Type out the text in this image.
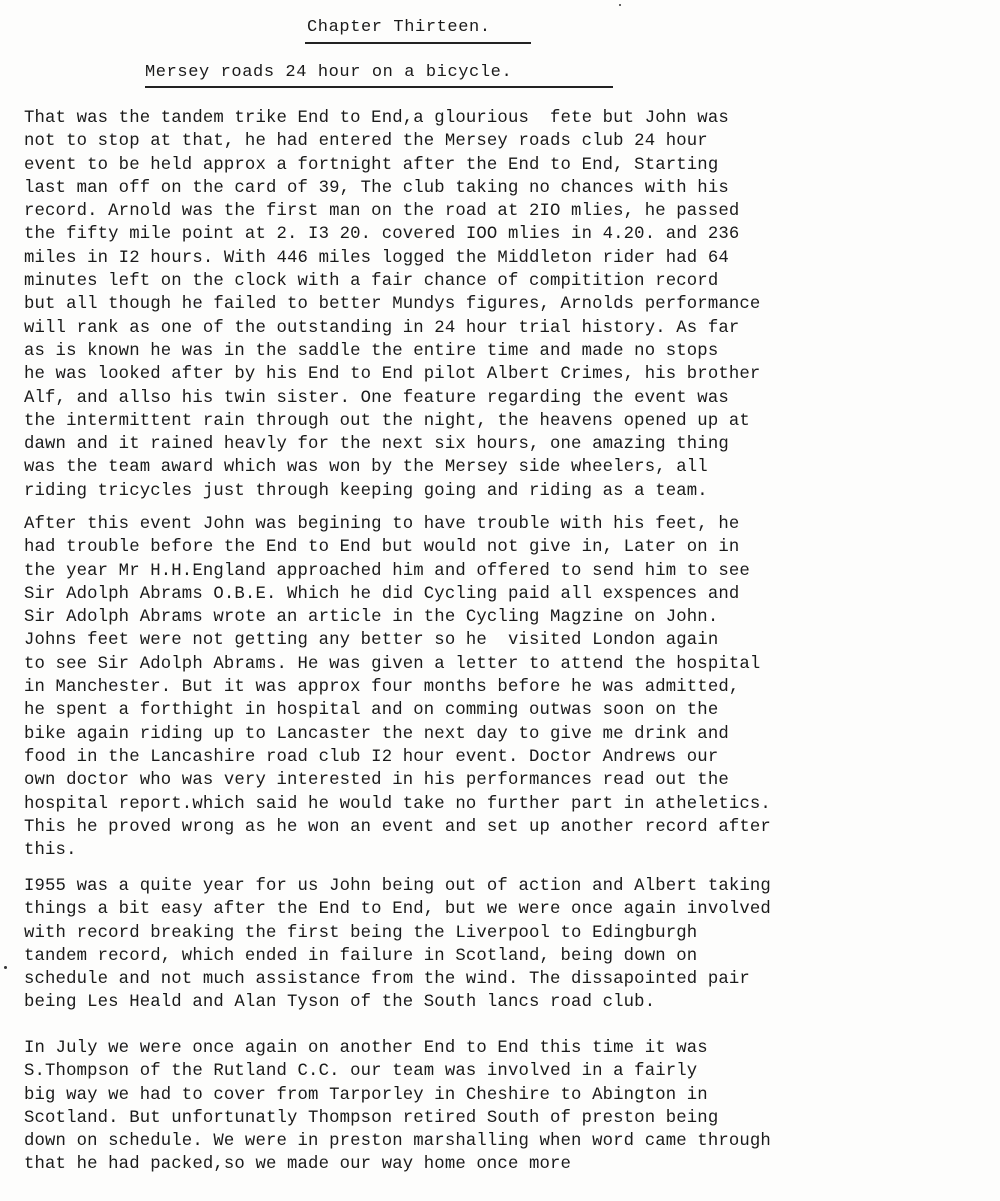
Chapter Thirteen.
Mersey roads 24 hour on a bicycle.
That was the tandem trike End to End,a glourious  fete but John was
not to stop at that, he had entered the Mersey roads club 24 hour
event to be held approx a fortnight after the End to End, Starting
last man off on the card of 39, The club taking no chances with his
record. Arnold was the first man on the road at 2IO mlies, he passed
the fifty mile point at 2. I3 20. covered IOO mlies in 4.20. and 236
miles in I2 hours. With 446 miles logged the Middleton rider had 64
minutes left on the clock with a fair chance of compitition record
but all though he failed to better Mundys figures, Arnolds performance
will rank as one of the outstanding in 24 hour trial history. As far
as is known he was in the saddle the entire time and made no stops
he was looked after by his End to End pilot Albert Crimes, his brother
Alf, and allso his twin sister. One feature regarding the event was
the intermittent rain through out the night, the heavens opened up at
dawn and it rained heavly for the next six hours, one amazing thing
was the team award which was won by the Mersey side wheelers, all
riding tricycles just through keeping going and riding as a team.
After this event John was begining to have trouble with his feet, he
had trouble before the End to End but would not give in, Later on in
the year Mr H.H.England approached him and offered to send him to see
Sir Adolph Abrams O.B.E. Which he did Cycling paid all exspences and
Sir Adolph Abrams wrote an article in the Cycling Magzine on John.
Johns feet were not getting any better so he  visited London again
to see Sir Adolph Abrams. He was given a letter to attend the hospital
in Manchester. But it was approx four months before he was admitted,
he spent a forthight in hospital and on comming outwas soon on the
bike again riding up to Lancaster the next day to give me drink and
food in the Lancashire road club I2 hour event. Doctor Andrews our
own doctor who was very interested in his performances read out the
hospital report.which said he would take no further part in atheletics.
This he proved wrong as he won an event and set up another record after
this.
I955 was a quite year for us John being out of action and Albert taking
things a bit easy after the End to End, but we were once again involved
with record breaking the first being the Liverpool to Edingburgh
tandem record, which ended in failure in Scotland, being down on
schedule and not much assistance from the wind. The dissapointed pair
being Les Heald and Alan Tyson of the South lancs road club.
In July we were once again on another End to End this time it was
S.Thompson of the Rutland C.C. our team was involved in a fairly
big way we had to cover from Tarporley in Cheshire to Abington in
Scotland. But unfortunatly Thompson retired South of preston being
down on schedule. We were in preston marshalling when word came through
that he had packed,so we made our way home once more
